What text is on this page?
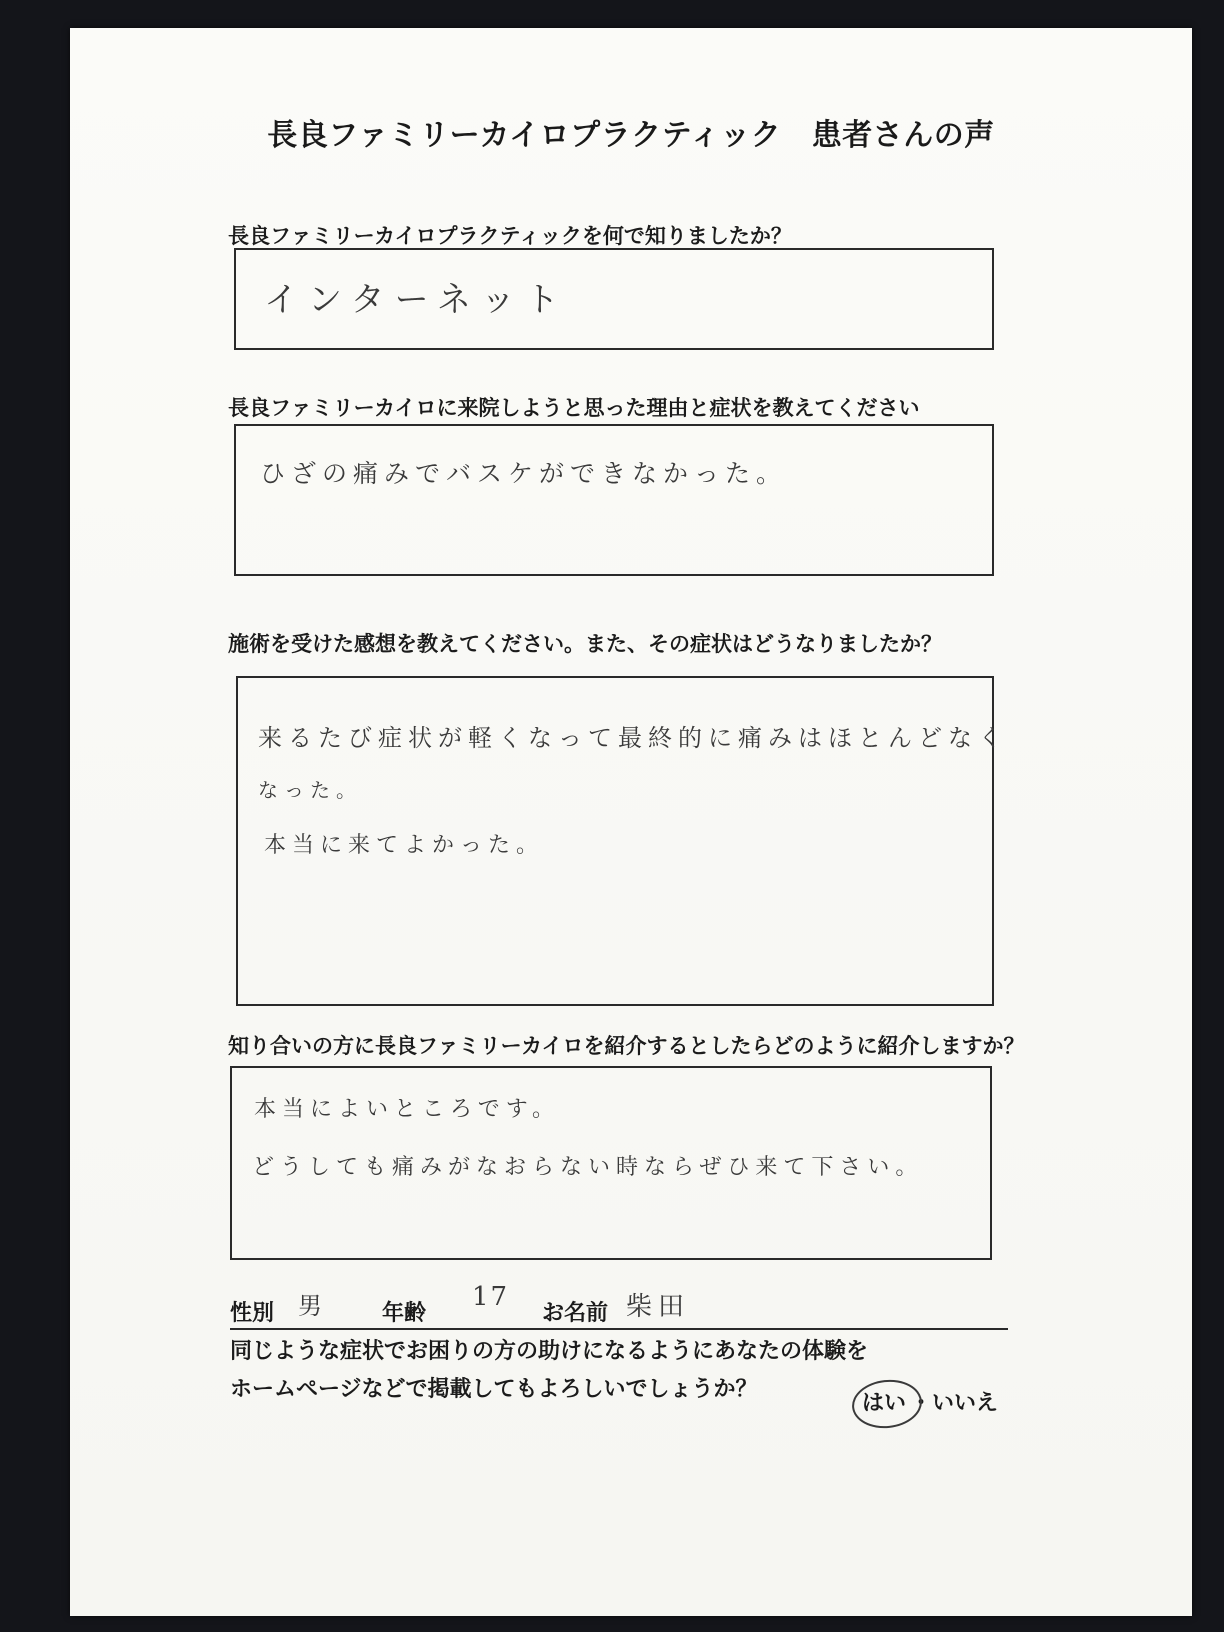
長良ファミリーカイロプラクティック　患者さんの声
長良ファミリーカイロプラクティックを何で知りましたか？
インターネット
長良ファミリーカイロに来院しようと思った理由と症状を教えてください
ひざの痛みでバスケができなかった。
施術を受けた感想を教えてください。また、その症状はどうなりましたか？
来るたび症状が軽くなって最終的に痛みはほとんどなく
なった。
本当に来てよかった。
知り合いの方に長良ファミリーカイロを紹介するとしたらどのように紹介しますか？
本当によいところです。
どうしても痛みがなおらない時ならぜひ来て下さい。
性別 男 年齢
17
お名前 柴田
同じような症状でお困りの方の助けになるようにあなたの体験を
ホームページなどで掲載してもよろしいでしょうか？
はい ・ いいえ
